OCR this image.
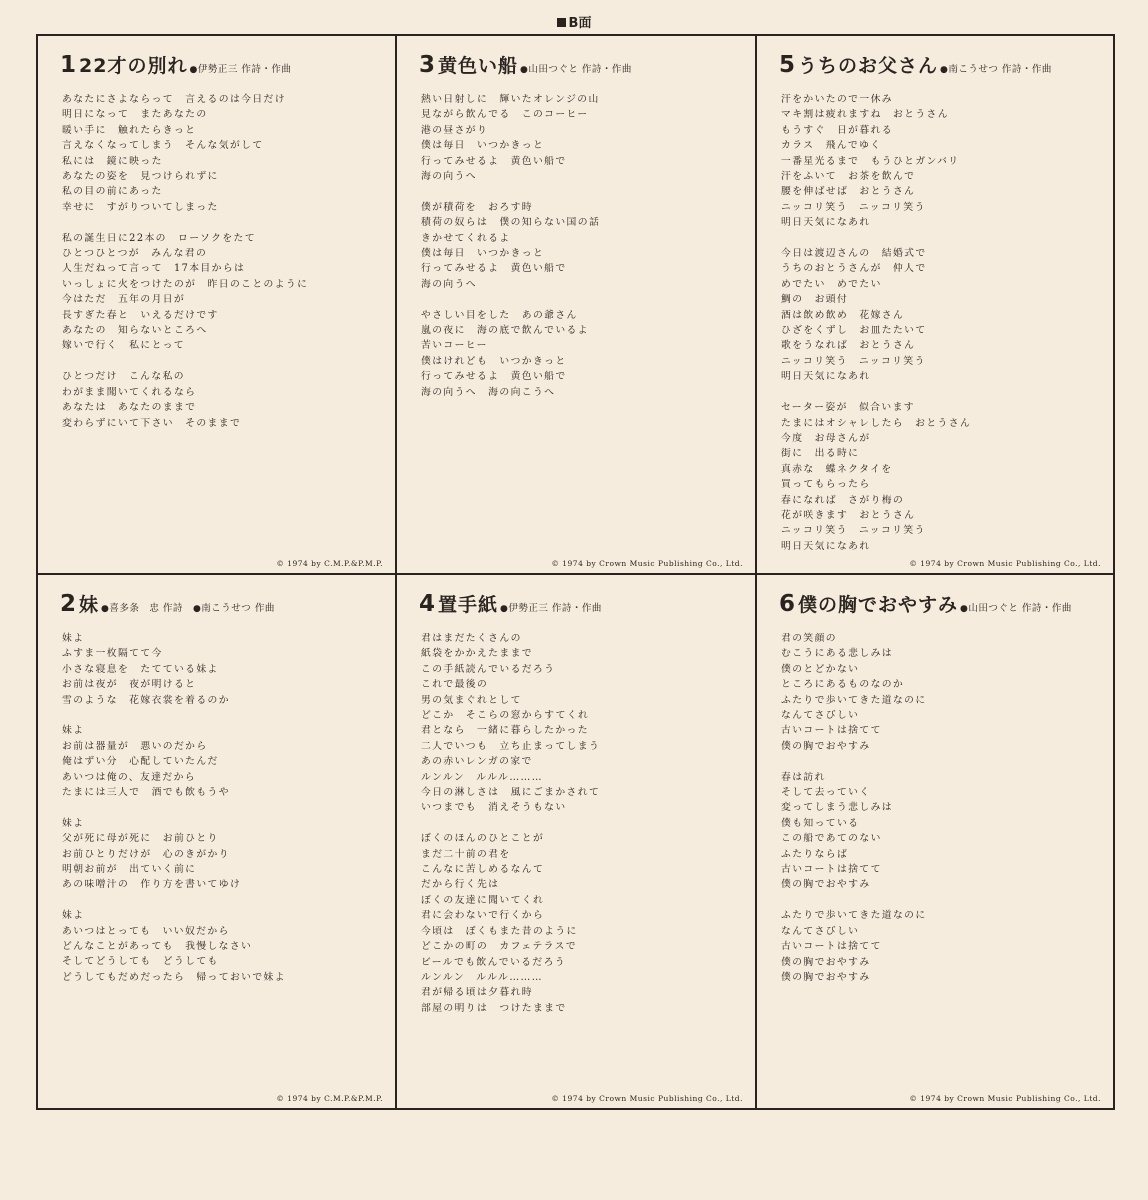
B面
1 22才の別れ ●伊勢正三 作詩・作曲
あなたにさよならって　言えるのは今日だけ
明日になって　またあなたの
暖い手に　触れたらきっと
言えなくなってしまう　そんな気がして
私には　鏡に映った
あなたの姿を　見つけられずに
私の目の前にあった
幸せに　すがりついてしまった
私の誕生日に22本の　ローソクをたて
ひとつひとつが　みんな君の
人生だねって言って　17本目からは
いっしょに火をつけたのが　昨日のことのように
今はただ　五年の月日が
長すぎた春と　いえるだけです
あなたの　知らないところへ
嫁いで行く　私にとって
ひとつだけ　こんな私の
わがまま聞いてくれるなら
あなたは　あなたのままで
変わらずにいて下さい　そのままで
© 1974 by C.M.P.&P.M.P.
3 黄色い船 ●山田つぐと 作詩・作曲
熱い日射しに　輝いたオレンジの山
見ながら飲んでる　このコーヒー
港の昼さがり
僕は毎日　いつかきっと
行ってみせるよ　黄色い船で
海の向うへ
僕が積荷を　おろす時
積荷の奴らは　僕の知らない国の話
きかせてくれるよ
僕は毎日　いつかきっと
行ってみせるよ　黄色い船で
海の向うへ
やさしい目をした　あの爺さん
嵐の夜に　海の底で飲んでいるよ
苦いコーヒー
僕はけれども　いつかきっと
行ってみせるよ　黄色い船で
海の向うへ　海の向こうへ
© 1974 by Crown Music Publishing Co., Ltd.
5 うちのお父さん ●南こうせつ 作詩・作曲
汗をかいたので一休み
マキ割は疲れますね　おとうさん
もうすぐ　日が暮れる
カラス　飛んでゆく
一番星光るまで　もうひとガンバリ
汗をふいて　お茶を飲んで
腰を伸ばせば　おとうさん
ニッコリ笑う　ニッコリ笑う
明日天気になあれ
今日は渡辺さんの　結婚式で
うちのおとうさんが　仲人で
めでたい　めでたい
鯛の　お頭付
酒は飲め飲め　花嫁さん
ひざをくずし　お皿たたいて
歌をうなれば　おとうさん
ニッコリ笑う　ニッコリ笑う
明日天気になあれ
セーター姿が　似合います
たまにはオシャレしたら　おとうさん
今度　お母さんが
街に　出る時に
真赤な　蝶ネクタイを
買ってもらったら
春になれば　さがり梅の
花が咲きます　おとうさん
ニッコリ笑う　ニッコリ笑う
明日天気になあれ
© 1974 by Crown Music Publishing Co., Ltd.
2 妹 ●喜多条　忠 作詩　 ●南こうせつ 作曲
妹よ
ふすま一枚隔てて今
小さな寝息を　たてている妹よ
お前は夜が　夜が明けると
雪のような　花嫁衣裳を着るのか
妹よ
お前は器量が　悪いのだから
俺はずい分　心配していたんだ
あいつは俺の、友達だから
たまには三人で　酒でも飲もうや
妹よ
父が死に母が死に　お前ひとり
お前ひとりだけが　心のきがかり
明朝お前が　出ていく前に
あの味噌汁の　作り方を書いてゆけ
妹よ
あいつはとっても　いい奴だから
どんなことがあっても　我慢しなさい
そしてどうしても　どうしても
どうしてもだめだったら　帰っておいで妹よ
© 1974 by C.M.P.&P.M.P.
4 置手紙 ●伊勢正三 作詩・作曲
君はまだたくさんの
紙袋をかかえたままで
この手紙読んでいるだろう
これで最後の
男の気まぐれとして
どこか　そこらの窓からすてくれ
君となら　一緒に暮らしたかった
二人でいつも　立ち止まってしまう
あの赤いレンガの家で
ルンルン　ルルル………
今日の淋しさは　風にごまかされて
いつまでも　消えそうもない
ぼくのほんのひとことが
まだ二十前の君を
こんなに苦しめるなんて
だから行く先は
ぼくの友達に聞いてくれ
君に会わないで行くから
今頃は　ぼくもまた昔のように
どこかの町の　カフェテラスで
ビールでも飲んでいるだろう
ルンルン　ルルル………
君が帰る頃は夕暮れ時
部屋の明りは　つけたままで
© 1974 by Crown Music Publishing Co., Ltd.
6 僕の胸でおやすみ ●山田つぐと 作詩・作曲
君の笑顔の
むこうにある悲しみは
僕のとどかない
ところにあるものなのか
ふたりで歩いてきた道なのに
なんてさびしい
古いコートは捨てて
僕の胸でおやすみ
春は訪れ
そして去っていく
変ってしまう悲しみは
僕も知っている
この船であてのない
ふたりならば
古いコートは捨てて
僕の胸でおやすみ
ふたりで歩いてきた道なのに
なんてさびしい
古いコートは捨てて
僕の胸でおやすみ
僕の胸でおやすみ
© 1974 by Crown Music Publishing Co., Ltd.
